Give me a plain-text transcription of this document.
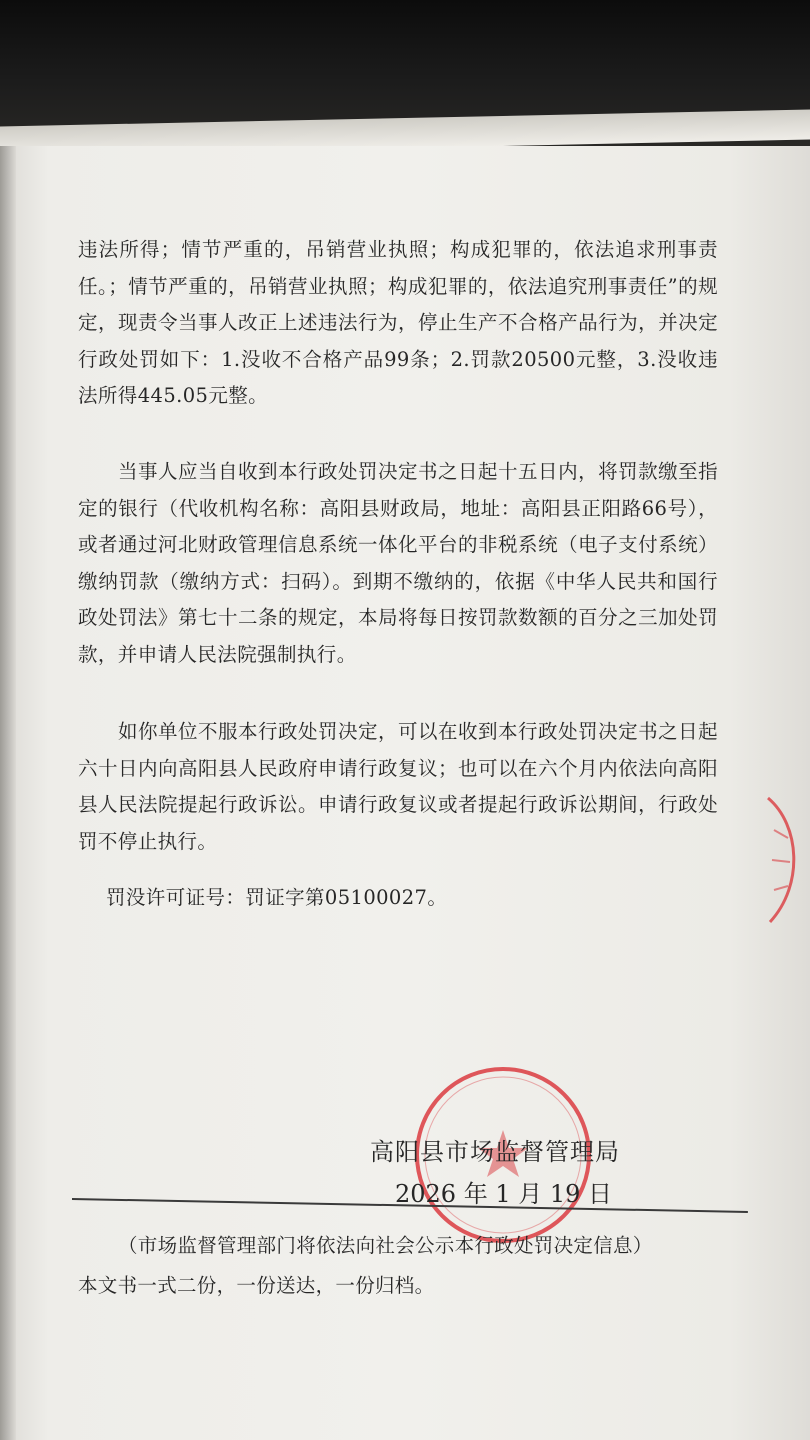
违法所得；情节严重的，吊销营业执照；构成犯罪的，依法追求刑事责任。；情节严重的，吊销营业执照；构成犯罪的，依法追究刑事责任”的规定，现责令当事人改正上述违法行为，停止生产不合格产品行为，并决定行政处罚如下：1.没收不合格产品99条；2.罚款20500元整，3.没收违法所得445.05元整。

当事人应当自收到本行政处罚决定书之日起十五日内，将罚款缴至指定的银行（代收机构名称：高阳县财政局，地址：高阳县正阳路66号），或者通过河北财政管理信息系统一体化平台的非税系统（电子支付系统）缴纳罚款（缴纳方式：扫码）。到期不缴纳的，依据《中华人民共和国行政处罚法》第七十二条的规定，本局将每日按罚款数额的百分之三加处罚款，并申请人民法院强制执行。

如你单位不服本行政处罚决定，可以在收到本行政处罚决定书之日起六十日内向高阳县人民政府申请行政复议；也可以在六个月内依法向高阳县人民法院提起行政诉讼。申请行政复议或者提起行政诉讼期间，行政处罚不停止执行。

罚没许可证号：罚证字第05100027。

高阳县市场监督管理局
2026 年 1 月 19 日
（市场监督管理部门将依法向社会公示本行政处罚决定信息）
本文书一式二份，一份送达，一份归档。
